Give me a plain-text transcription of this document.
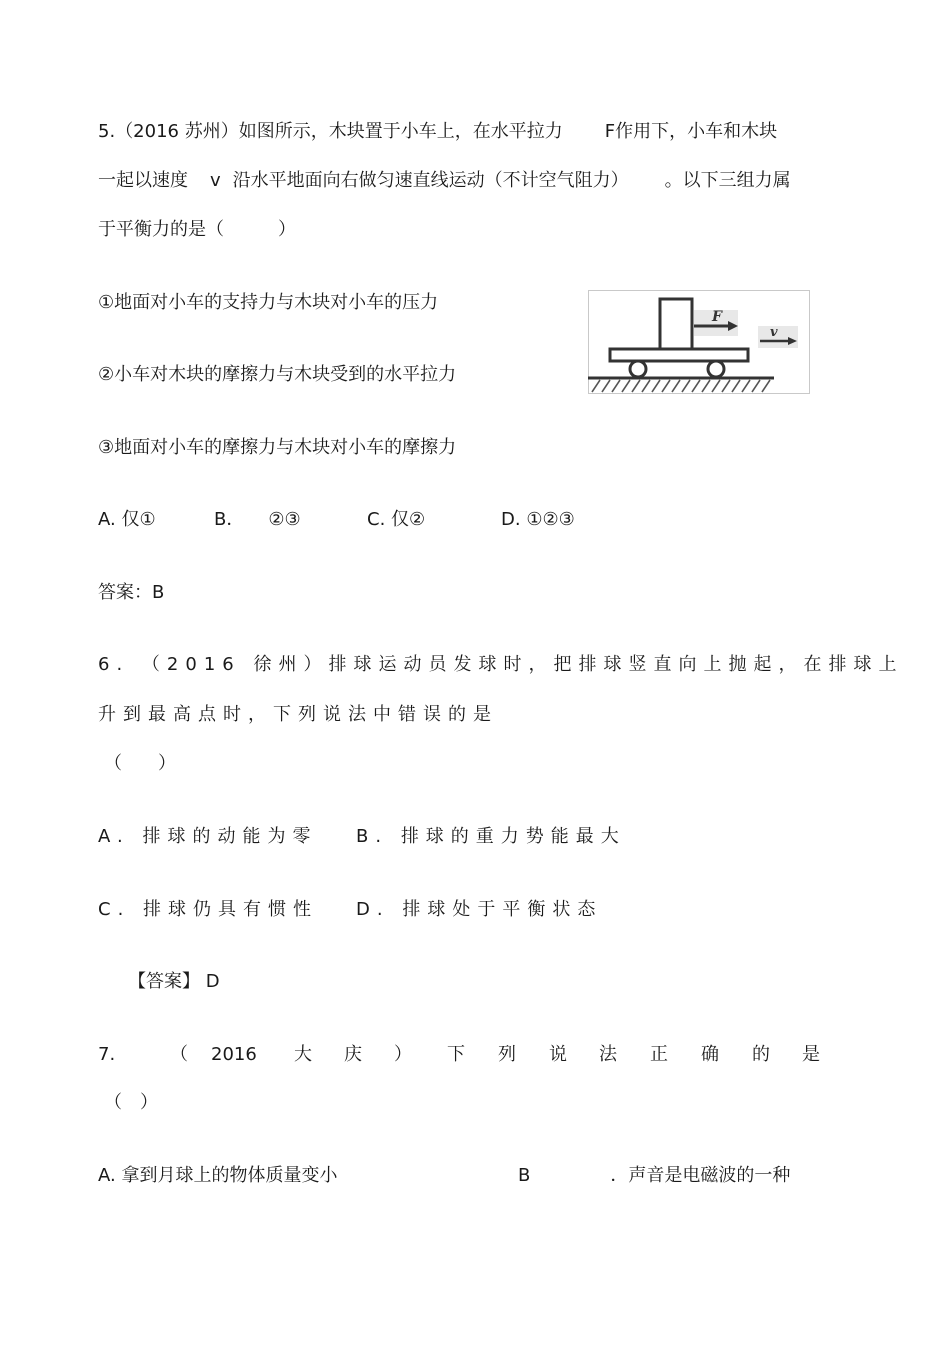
5.（2016 苏州）如图所示，木块置于小车上，在水平拉力 F作用下，小车和木块
一起以速度 v 沿水平地面向右做匀速直线运动（不计空气阻力） 。以下三组力属
于平衡力的是（　　　）
①地面对小车的支持力与木块对小车的压力
②小车对木块的摩擦力与木块受到的水平拉力
③地面对小车的摩擦力与木块对小车的摩擦力
F
v
A. 仅①	B． ②③	C. 仅②	D. ①②③
答案：B
6. （2016 徐州）排球运动员发球时，把排球竖直向上抛起，在排球上
升到最高点时，下列说法中错误的是
（　　）
A. 排球的动能为零 B. 排球的重力势能最大
C. 排球仍具有惯性 D. 排球处于平衡状态
【答案】 D
7.	（ 2016 大 庆 ） 下 列 说 法 正 确 的 是
（　）
A. 拿到月球上的物体质量变小	B	．声音是电磁波的一种
